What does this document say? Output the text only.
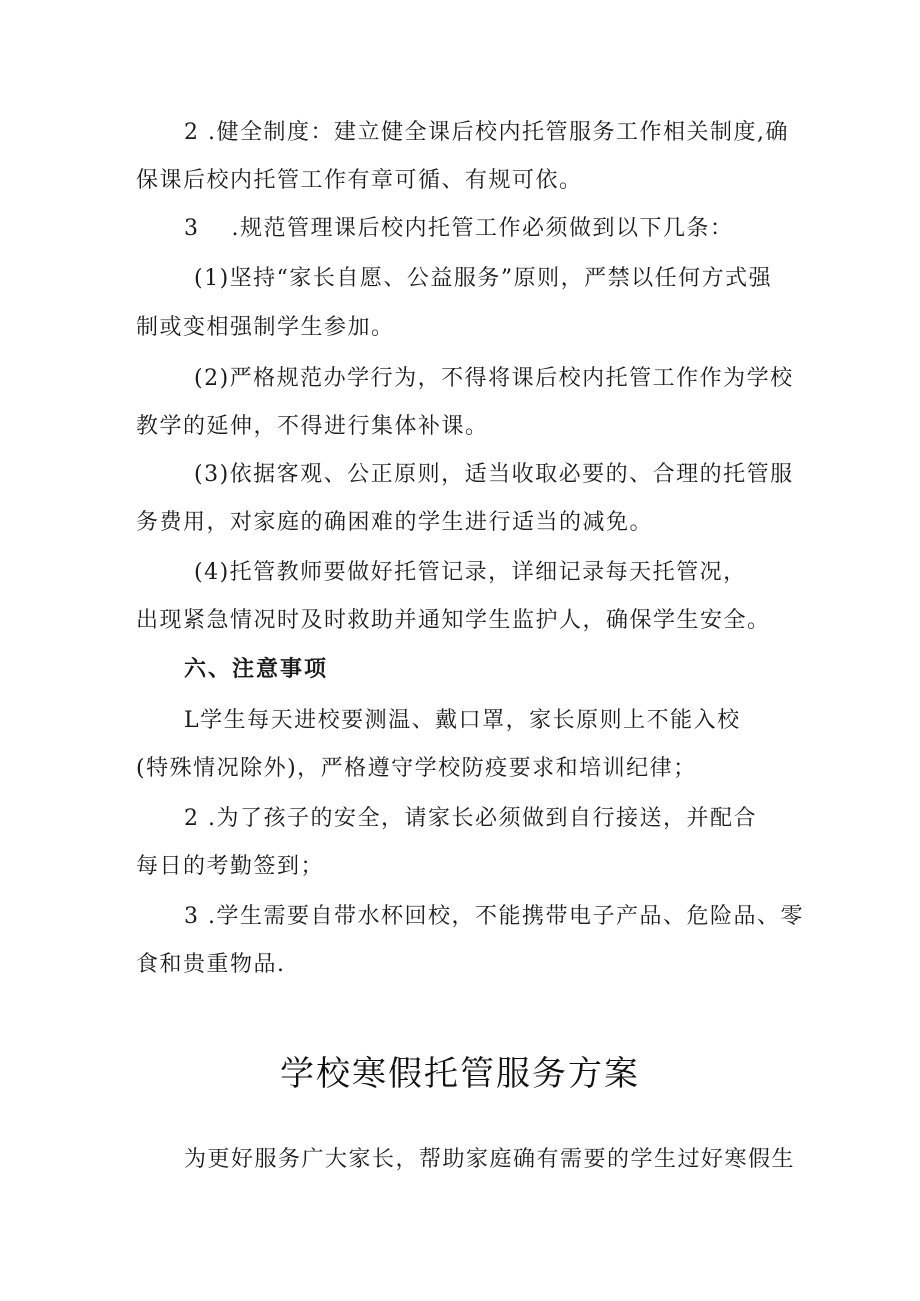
2 .健全制度：建立健全课后校内托管服务工作相关制度,确
保课后校内托管工作有章可循、有规可依。
3　 .规范管理课后校内托管工作必须做到以下几条：
(1)坚持“家长自愿、公益服务”原则，严禁以任何方式强
制或变相强制学生参加。
(2)严格规范办学行为，不得将课后校内托管工作作为学校
教学的延伸，不得进行集体补课。
(3)依据客观、公正原则，适当收取必要的、合理的托管服
务费用，对家庭的确困难的学生进行适当的减免。
(4)托管教师要做好托管记录，详细记录每天托管况，
出现紧急情况时及时救助并通知学生监护人，确保学生安全。
六、注意事项
L学生每天进校要测温、戴口罩，家长原则上不能入校
(特殊情况除外)，严格遵守学校防疫要求和培训纪律；
2 .为了孩子的安全，请家长必须做到自行接送，并配合
每日的考勤签到；
3 .学生需要自带水杯回校，不能携带电子产品、危险品、零
食和贵重物品.
学校寒假托管服务方案
为更好服务广大家长，帮助家庭确有需要的学生过好寒假生
